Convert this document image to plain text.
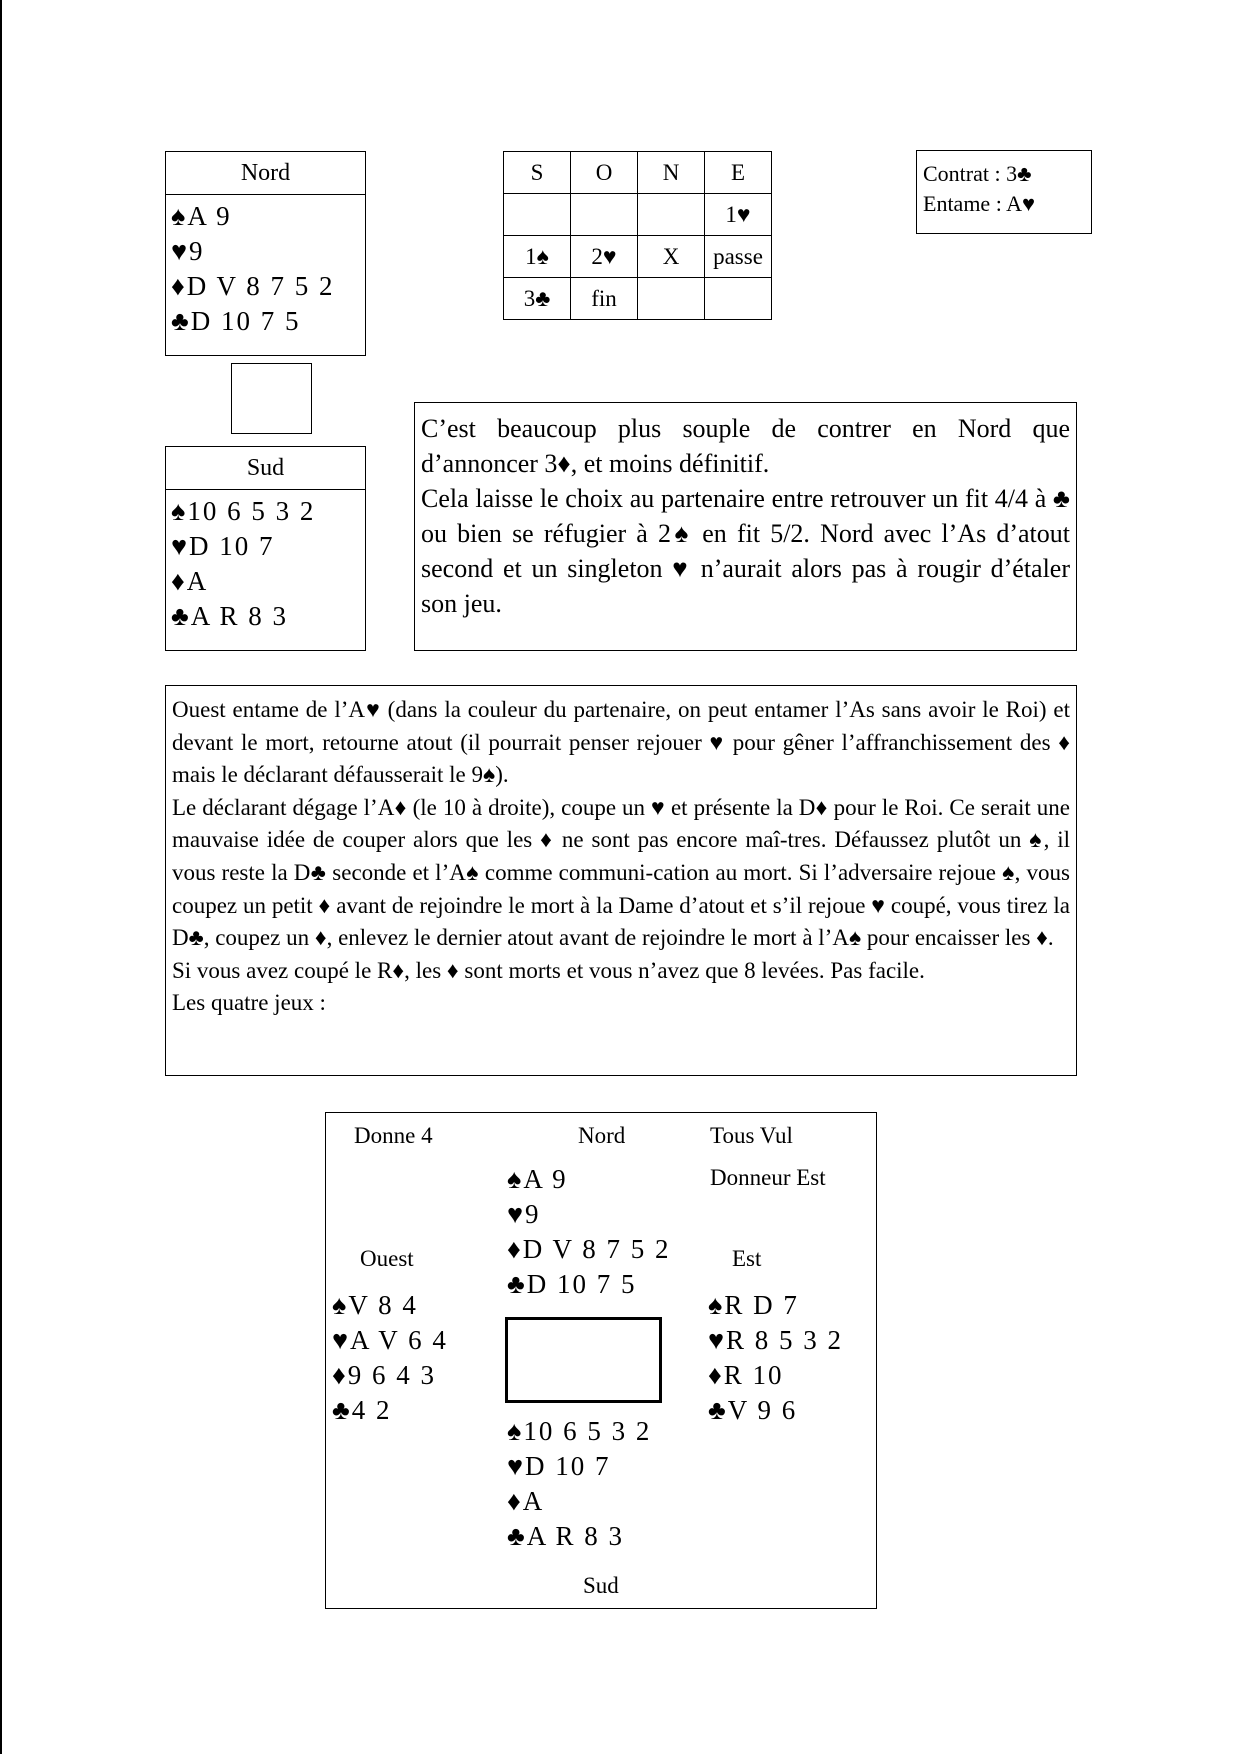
Nord
♠A 9
♥9
♦D V 8 7 5 2
♣D 10 7 5
Sud
♠10 6 5 3 2
♥D 10 7
♦A
♣A R 8 3
S	O	N	E
			1♥
1♠	2♥	X	passe
3♣	fin		
Contrat : 3♣
Entame : A♥

C’est beaucoup plus souple de contrer en Nord que d’annoncer 3♦, et moins définitif.

Cela laisse le choix au partenaire entre retrouver un fit 4/4 à ♣ ou bien se réfugier à 2♠ en fit 5/2. Nord avec l’As d’atout second et un singleton ♥ n’aurait alors pas à rougir d’étaler son jeu.

Ouest entame de l’A♥ (dans la couleur du partenaire, on peut entamer l’As sans avoir le Roi) et devant le mort, retourne atout (il pourrait penser rejouer ♥ pour gêner l’affranchissement des ♦ mais le déclarant défausserait le 9♠).

Le déclarant dégage l’A♦ (le 10 à droite), coupe un ♥ et présente la D♦ pour le Roi. Ce serait une mauvaise idée de couper alors que les ♦ ne sont pas encore maî-tres. Défaussez plutôt un ♠, il vous reste la D♣ seconde et l’A♠ comme communi-cation au mort. Si l’adversaire rejoue ♠, vous coupez un petit ♦ avant de rejoindre le mort à la Dame d’atout et s’il rejoue ♥ coupé, vous tirez la D♣, coupez un ♦, enlevez le dernier atout avant de rejoindre le mort à l’A♠ pour encaisser les ♦.

Si vous avez coupé le R♦, les ♦ sont morts et vous n’avez que 8 levées. Pas facile.

Les quatre jeux :

Donne 4	Nord	Tous Vul
Donneur Est
Ouest	Est
Sud
♠A 9
♥9
♦D V 8 7 5 2
♣D 10 7 5
♠V 8 4
♥A V 6 4
♦9 6 4 3
♣4 2
♠R D 7
♥R 8 5 3 2
♦R 10
♣V 9 6
♠10 6 5 3 2
♥D 10 7
♦A
♣A R 8 3
